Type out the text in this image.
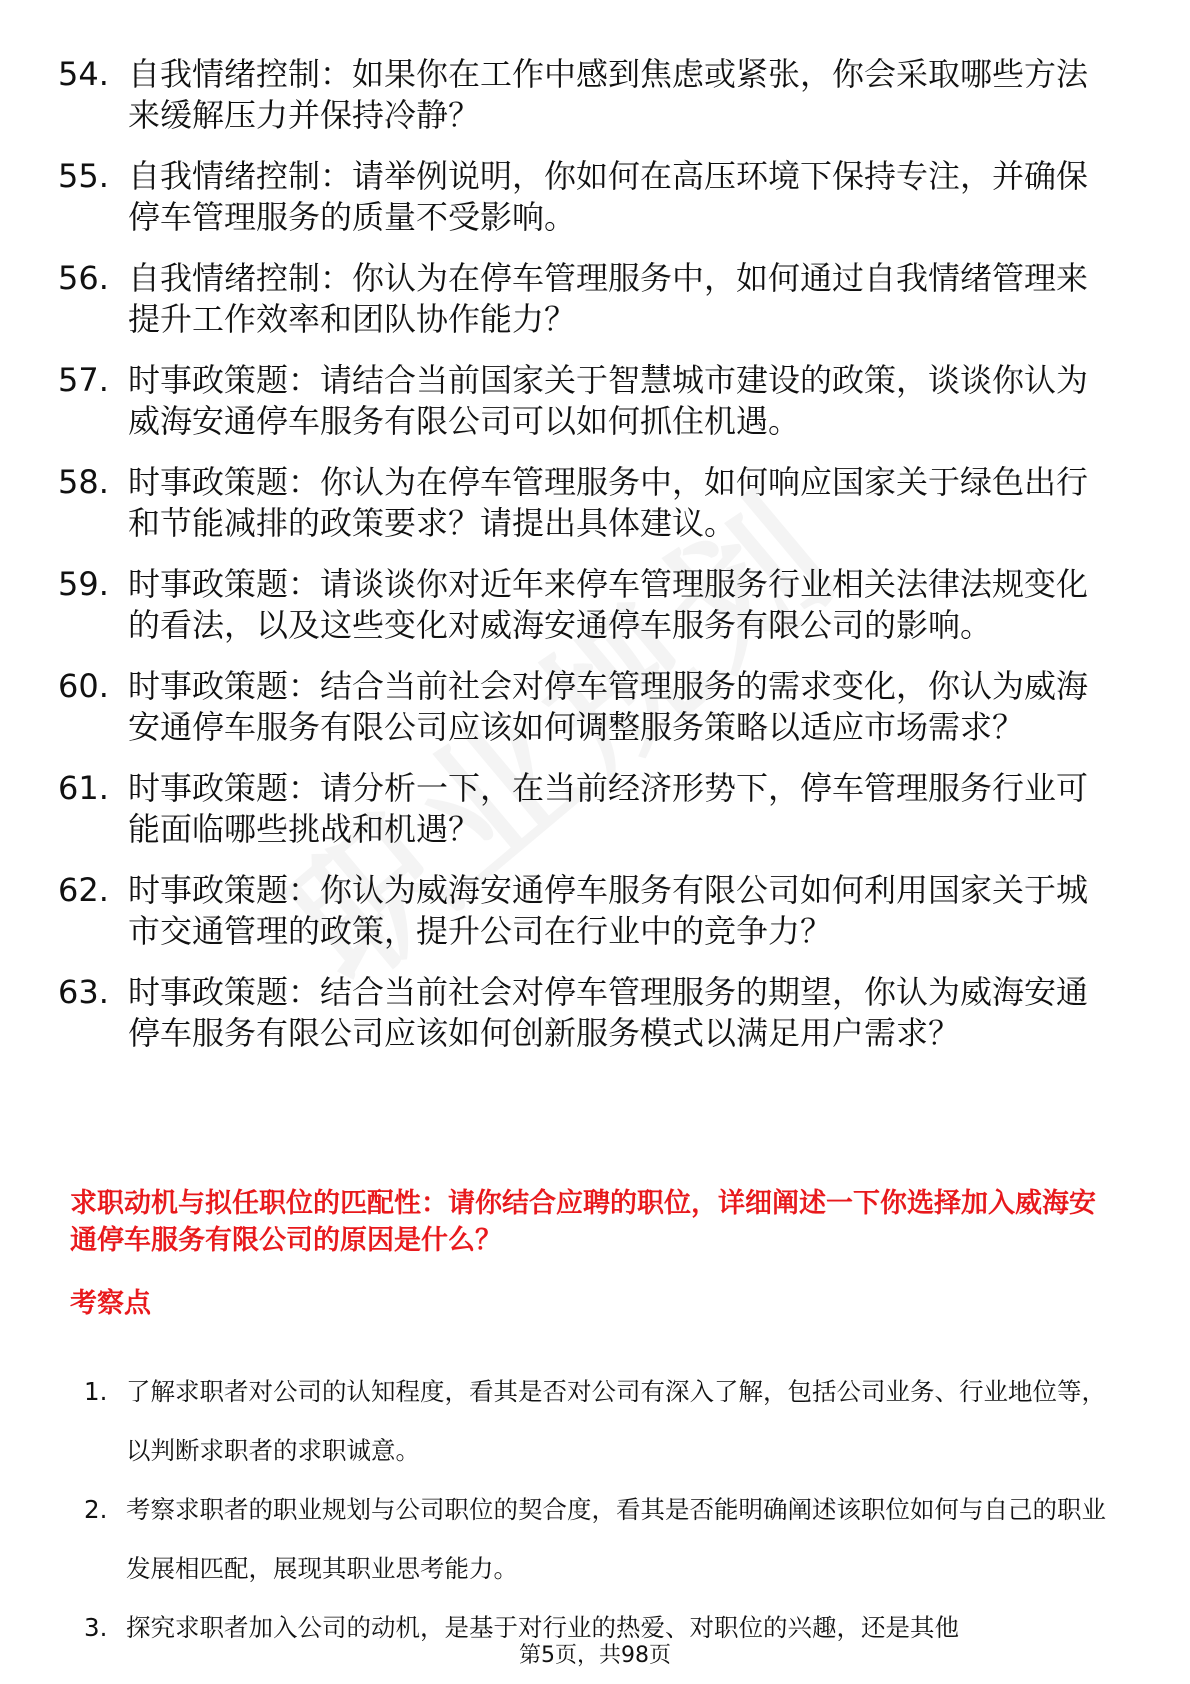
54. 自我情绪控制：如果你在工作中感到焦虑或紧张，你会采取哪些方法来缓解压力并保持冷静？
55. 自我情绪控制：请举例说明，你如何在高压环境下保持专注，并确保停车管理服务的质量不受影响。
56. 自我情绪控制：你认为在停车管理服务中，如何通过自我情绪管理来提升工作效率和团队协作能力？
57. 时事政策题：请结合当前国家关于智慧城市建设的政策，谈谈你认为威海安通停车服务有限公司可以如何抓住机遇。
58. 时事政策题：你认为在停车管理服务中，如何响应国家关于绿色出行和节能减排的政策要求？请提出具体建议。
59. 时事政策题：请谈谈你对近年来停车管理服务行业相关法律法规变化的看法，以及这些变化对威海安通停车服务有限公司的影响。
60. 时事政策题：结合当前社会对停车管理服务的需求变化，你认为威海安通停车服务有限公司应该如何调整服务策略以适应市场需求？
61. 时事政策题：请分析一下，在当前经济形势下，停车管理服务行业可能面临哪些挑战和机遇？
62. 时事政策题：你认为威海安通停车服务有限公司如何利用国家关于城市交通管理的政策，提升公司在行业中的竞争力？
63. 时事政策题：结合当前社会对停车管理服务的期望，你认为威海安通停车服务有限公司应该如何创新服务模式以满足用户需求？
求职动机与拟任职位的匹配性：请你结合应聘的职位，详细阐述一下你选择加入威海安通停车服务有限公司的原因是什么？
考察点
1. 了解求职者对公司的认知程度，看其是否对公司有深入了解，包括公司业务、行业地位等，以判断求职者的求职诚意。
2. 考察求职者的职业规划与公司职位的契合度，看其是否能明确阐述该职位如何与自己的职业发展相匹配，展现其职业思考能力。
3. 探究求职者加入公司的动机，是基于对行业的热爱、对职位的兴趣，还是其他
第5页，共98页
